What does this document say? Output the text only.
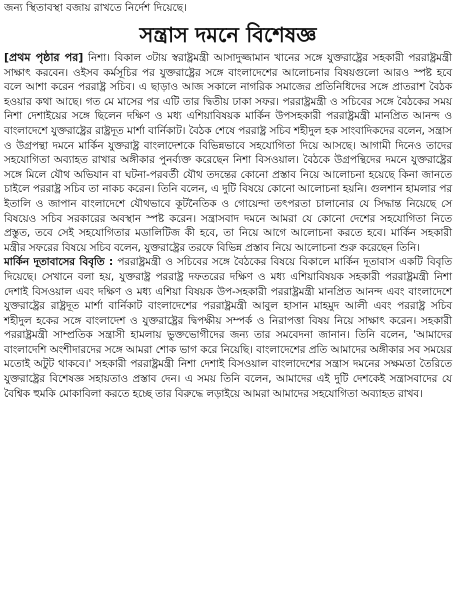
জন্য স্থিতাবস্থা বজায় রাখতে নির্দেশ দিয়েছে।
সন্ত্রাস দমনে বিশেষজ্ঞ

[প্রথম পৃষ্ঠার পর] নিশা। বিকাল ৩টায় স্বরাষ্ট্রমন্ত্রী আসাদুজ্জামান খানের সঙ্গে যুক্তরাষ্ট্রের সহকারী পররাষ্ট্রমন্ত্রী সাক্ষাৎ করবেন। ওইসব কর্মসূচির পর যুক্তরাষ্ট্রের সঙ্গে বাংলাদেশের আলোচনার বিষয়গুলো আরও স্পষ্ট হবে বলে আশা করেন পররাষ্ট্র সচিব। এ ছাড়াও আজ সকালে নাগরিক সমাজের প্রতিনিধিদের সঙ্গে প্রাতরাশ বৈঠক হওয়ার কথা আছে। গত মে মাসের পর এটি তার দ্বিতীয় ঢাকা সফর। পররাষ্ট্রমন্ত্রী ও সচিবের সঙ্গে বৈঠকের সময় নিশা দেশাইয়ের সঙ্গে ছিলেন দক্ষিণ ও মধ্য এশিয়াবিষয়ক মার্কিন উপসহকারী পররাষ্ট্রমন্ত্রী মানপ্রিত আনন্দ ও বাংলাদেশে যুক্তরাষ্ট্রের রাষ্ট্রদূত মার্শা বার্নিকাট। বৈঠক শেষে পররাষ্ট্র সচিব শহীদুল হক সাংবাদিকদের বলেন, সন্ত্রাস ও উগ্রপন্থা দমনে মার্কিন যুক্তরাষ্ট্র বাংলাদেশকে বিভিন্নভাবে সহযোগিতা দিয়ে আসছে। আগামী দিনেও তাদের সহযোগিতা অব্যাহত রাখার অঙ্গীকার পুনর্ব্যক্ত করেছেন নিশা বিসওয়াল। বৈঠকে উগ্রপন্থিদের দমনে যুক্তরাষ্ট্রের সঙ্গে মিলে যৌথ অভিযান বা ঘটনা-পরবর্তী যৌথ তদন্তের কোনো প্রস্তাব নিয়ে আলোচনা হয়েছে কিনা জানতে চাইলে পররাষ্ট্র সচিব তা নাকচ করেন। তিনি বলেন, এ দুটি বিষয়ে কোনো আলোচনা হয়নি। গুলশান হামলার পর ইতালি ও জাপান বাংলাদেশে যৌথভাবে কূটনৈতিক ও গোয়েন্দা তৎপরতা চালানোর যে সিদ্ধান্ত নিয়েছে সে বিষয়েও সচিব সরকারের অবস্থান স্পষ্ট করেন। সন্ত্রাসবাদ দমনে আমরা যে কোনো দেশের সহযোগিতা নিতে প্রস্তুত, তবে সেই সহযোগিতার মডালিটিজ কী হবে, তা নিয়ে আগে আলোচনা করতে হবে। মার্কিন সহকারী মন্ত্রীর সফরের বিষয়ে সচিব বলেন, যুক্তরাষ্ট্রের তরফে বিভিন্ন প্রস্তাব নিয়ে আলোচনা শুরু করেছেন তিনি।

মার্কিন দূতাবাসের বিবৃতি : পররাষ্ট্রমন্ত্রী ও সচিবের সঙ্গে বৈঠকের বিষয়ে বিকালে মার্কিন দূতাবাস একটি বিবৃতি দিয়েছে। সেখানে বলা হয়, যুক্তরাষ্ট্র পররাষ্ট্র দফতরের দক্ষিণ ও মধ্য এশিয়াবিষয়ক সহকারী পররাষ্ট্রমন্ত্রী নিশা দেশাই বিসওয়াল এবং দক্ষিণ ও মধ্য এশিয়া বিষয়ক উপ-সহকারী পররাষ্ট্রমন্ত্রী মানপ্রিত আনন্দ এবং বাংলাদেশে যুক্তরাষ্ট্রের রাষ্ট্রদূত মার্শা বার্নিকাট বাংলাদেশের পররাষ্ট্রমন্ত্রী আবুল হাসান মাহমুদ আলী এবং পররাষ্ট্র সচিব শহীদুল হকের সঙ্গে বাংলাদেশ ও যুক্তরাষ্ট্রের দ্বিপক্ষীয় সম্পর্ক ও নিরাপত্তা বিষয় নিয়ে সাক্ষাৎ করেন। সহকারী পররাষ্ট্রমন্ত্রী সাম্প্রতিক সন্ত্রাসী হামলায় ভুক্তভোগীদের জন্য তার সমবেদনা জানান। তিনি বলেন, 'আমাদের বাংলাদেশি অংশীদারদের সঙ্গে আমরা শোক ভাগ করে নিয়েছি। বাংলাদেশের প্রতি আমাদের অঙ্গীকার সব সময়ের মতোই অটুট থাকবে।' সহকারী পররাষ্ট্রমন্ত্রী নিশা দেশাই বিসওয়াল বাংলাদেশের সন্ত্রাস দমনের সক্ষমতা তৈরিতে যুক্তরাষ্ট্রের বিশেষজ্ঞ সহায়তাও প্রস্তাব দেন। এ সময় তিনি বলেন, আমাদের এই দুটি দেশকেই সন্ত্রাসবাদের যে বৈশ্বিক হুমকি মোকাবিলা করতে হচ্ছে তার বিরুদ্ধে লড়াইয়ে আমরা আমাদের সহযোগিতা অব্যাহত রাখব।
